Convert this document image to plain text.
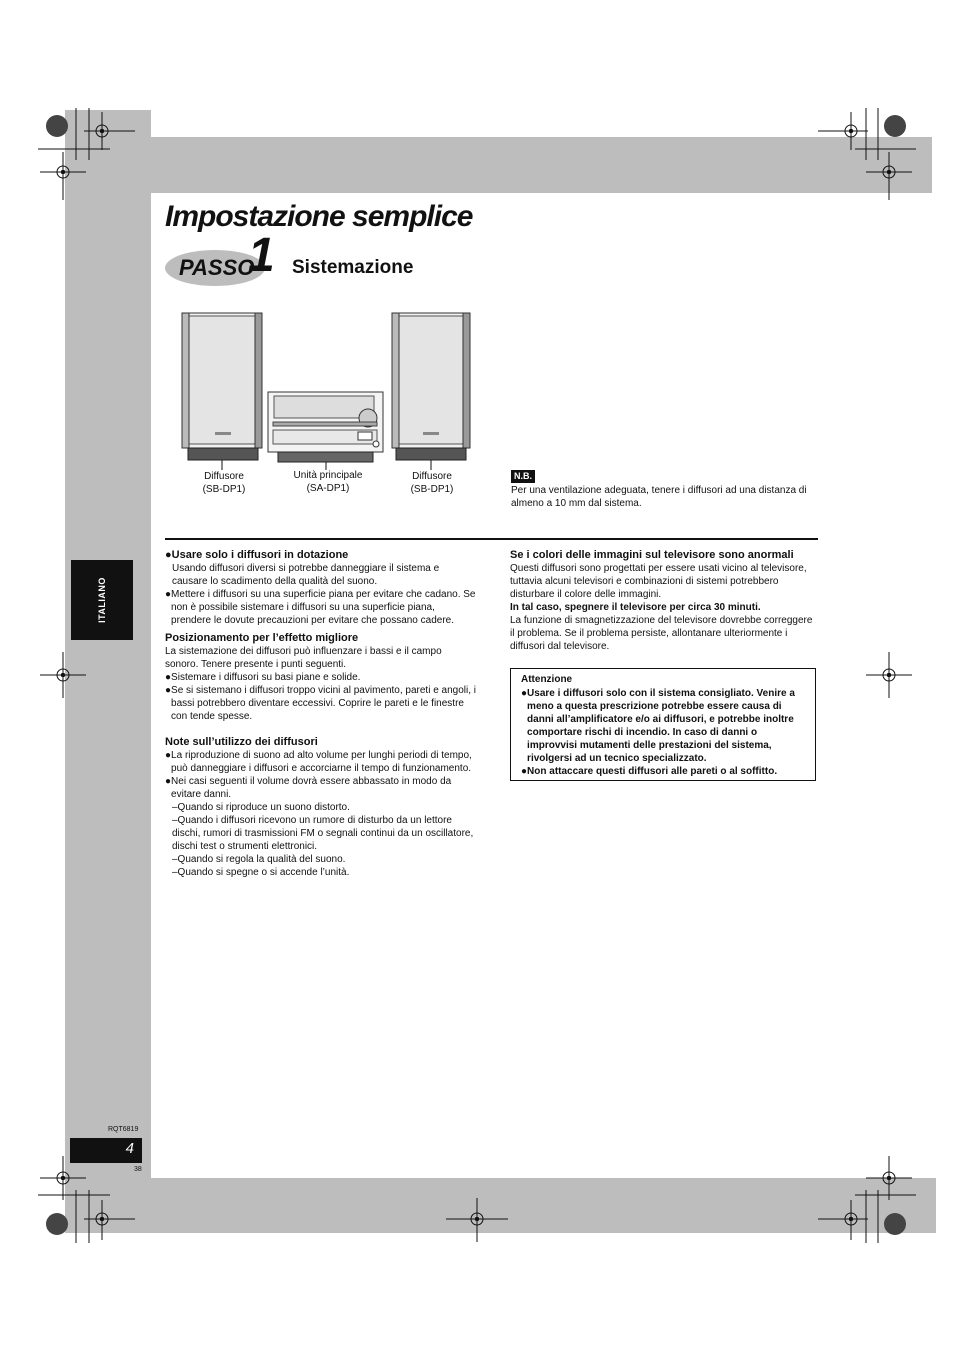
Impostazione semplice
PASSO
1 Sistemazione
Diffusore
(SB-DP1)
Unità principale
(SA-DP1)
Diffusore
(SB-DP1)
N.B.
Per una ventilazione adeguata, tenere i diffusori ad una distanza di almeno a 10 mm dal sistema.

●Usare solo i diffusori in dotazione

Usando diffusori diversi si potrebbe danneggiare il sistema e causare lo scadimento della qualità del suono.

● Mettere i diffusori su una superficie piana per evitare che cadano. Se non è possibile sistemare i diffusori su una superficie piana, prendere le dovute precauzioni per evitare che possano cadere.

Posizionamento per l’effetto migliore

La sistemazione dei diffusori può influenzare i bassi e il campo sonoro. Tenere presente i punti seguenti.

● Sistemare i diffusori su basi piane e solide.

● Se si sistemano i diffusori troppo vicini al pavimento, pareti e angoli, i bassi potrebbero diventare eccessivi. Coprire le pareti e le finestre con tende spesse.

Note sull’utilizzo dei diffusori

● La riproduzione di suono ad alto volume per lunghi periodi di tempo, può danneggiare i diffusori e accorciarne il tempo di funzionamento.

● Nei casi seguenti il volume dovrà essere abbassato in modo da evitare danni.

–Quando si riproduce un suono distorto.

–Quando i diffusori ricevono un rumore di disturbo da un lettore dischi, rumori di trasmissioni FM o segnali continui da un oscillatore, dischi test o strumenti elettronici.

–Quando si regola la qualità del suono.

–Quando si spegne o si accende l’unità.

Se i colori delle immagini sul televisore sono anormali

Questi diffusori sono progettati per essere usati vicino al televisore, tuttavia alcuni televisori e combinazioni di sistemi potrebbero disturbare il colore delle immagini.

In tal caso, spegnere il televisore per circa 30 minuti.

La funzione di smagnetizzazione del televisore dovrebbe correggere il problema. Se il problema persiste, allontanare ulteriormente i diffusori dal televisore.

Attenzione
● Usare i diffusori solo con il sistema consigliato. Venire a meno a questa prescrizione potrebbe essere causa di danni all’amplificatore e/o ai diffusori, e potrebbe inoltre comportare rischi di incendio. In caso di danni o improvvisi mutamenti delle prestazioni del sistema, rivolgersi ad un tecnico specializzato.
● Non attaccare questi diffusori alle pareti o al soffitto.
ITALIANO
RQT6819
4
38
